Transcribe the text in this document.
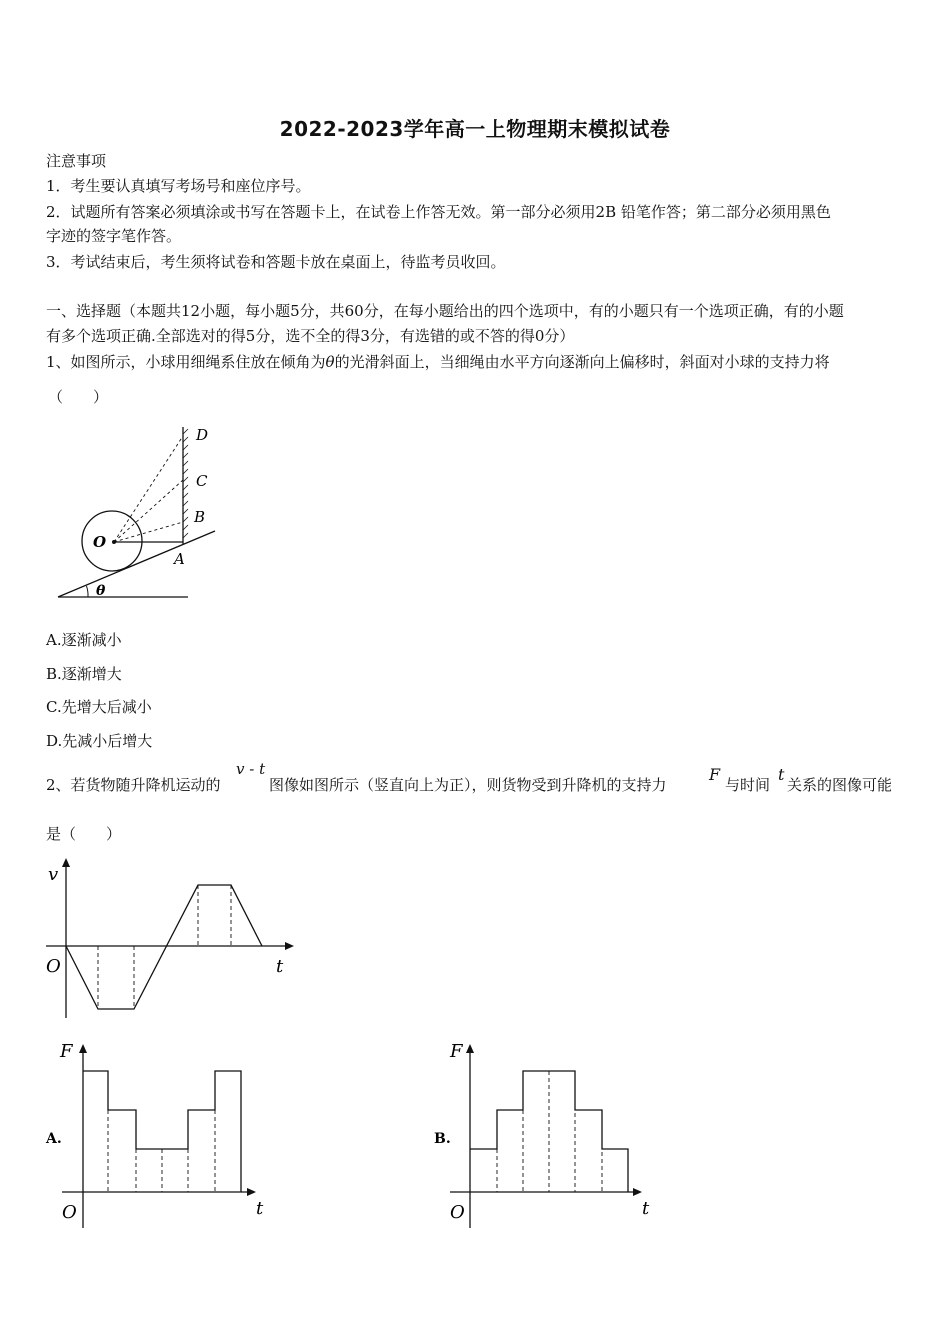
2022-2023学年高一上物理期末模拟试卷
注意事项
1．考生要认真填写考场号和座位序号。
2．试题所有答案必须填涂或书写在答题卡上，在试卷上作答无效。第一部分必须用2B 铅笔作答；第二部分必须用黑色
字迹的签字笔作答。
3．考试结束后，考生须将试卷和答题卡放在桌面上，待监考员收回。
一、选择题（本题共12小题，每小题5分，共60分，在每小题给出的四个选项中，有的小题只有一个选项正确，有的小题
有多个选项正确.全部选对的得5分，选不全的得3分，有选错的或不答的得0分）
1、如图所示，小球用细绳系住放在倾角为θ的光滑斜面上，当细绳由水平方向逐渐向上偏移时，斜面对小球的支持力将
（　　）
D
C
B
O
A
θ
A.逐渐减小
B.逐渐增大
C.先增大后减小
D.先减小后增大
2、若货物随升降机运动的
v - t
图像如图所示（竖直向上为正），则货物受到升降机的支持力
F
与时间
t
关系的图像可能
是（　　）
v
O	t
F
A.
O	t
F
B.
O	t
